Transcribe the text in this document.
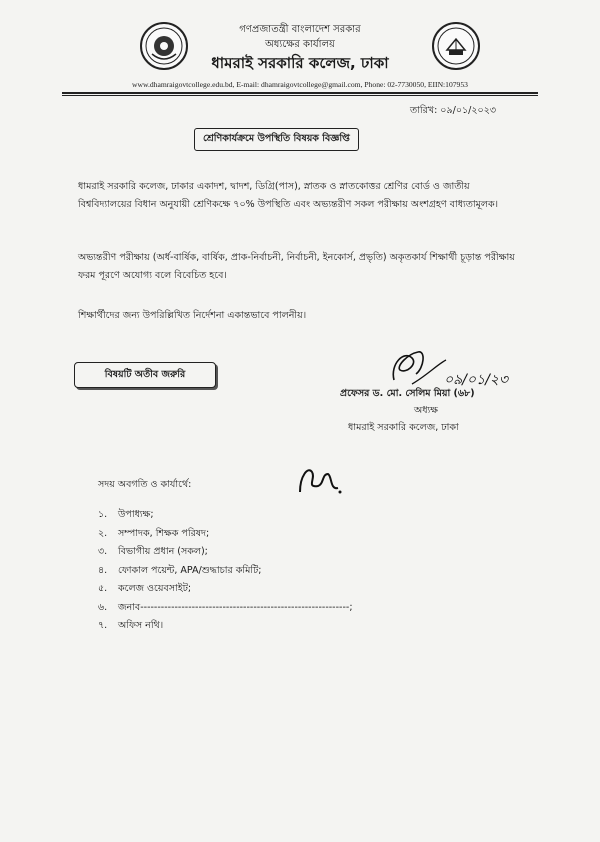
গণপ্রজাতন্ত্রী বাংলাদেশ সরকার
অধ্যক্ষের কার্যালয়
ধামরাই সরকারি কলেজ, ঢাকা
www.dhamraigovtcollege.edu.bd, E-mail: dhamraigovtcollege@gmail.com, Phone: 02-7730050, EIIN:107953
তারিখ: ০৯/০১/২০২৩
শ্রেণিকার্যক্রমে উপস্থিতি বিষয়ক বিজ্ঞপ্তি
ধামরাই সরকারি কলেজ, ঢাকার একাদশ, দ্বাদশ, ডিগ্রি(পাস), স্নাতক ও স্নাতকোত্তর শ্রেণির বোর্ড ও জাতীয় বিশ্ববিদ্যালয়ের বিধান অনুযায়ী শ্রেণিকক্ষে ৭০% উপস্থিতি এবং অভ্যন্তরীণ সকল পরীক্ষায় অংশগ্রহণ বাধ্যতামূলক।
অভ্যন্তরীণ পরীক্ষায় (অর্ধ-বার্ষিক, বার্ষিক, প্রাক-নির্বাচনী, নির্বাচনী, ইনকোর্স, প্রভৃতি) অকৃতকার্য শিক্ষার্থী চূড়ান্ত পরীক্ষায় ফরম পূরণে অযোগ্য বলে বিবেচিত হবে।
শিক্ষার্থীদের জন্য উপরিল্লিখিত নির্দেশনা একান্তভাবে পালনীয়।
বিষয়টি অতীব জরুরি	০৯/০১/২৩
প্রফেসর ড. মো. সেলিম মিয়া (৬৮)
অধ্যক্ষ
ধামরাই সরকারি কলেজ, ঢাকা
সদয় অবগতি ও কার্যার্থে:
১.	উপাধ্যক্ষ;
২.	সম্পাদক, শিক্ষক পরিষদ;
৩.	বিভাগীয় প্রধান (সকল);
৪.	ফোকাল পয়েন্ট, APA/শুদ্ধাচার কমিটি;
৫.	কলেজ ওয়েবসাইট;
৬.	জনাব-------------------------------------------------------------;
৭.	অফিস নথি।
